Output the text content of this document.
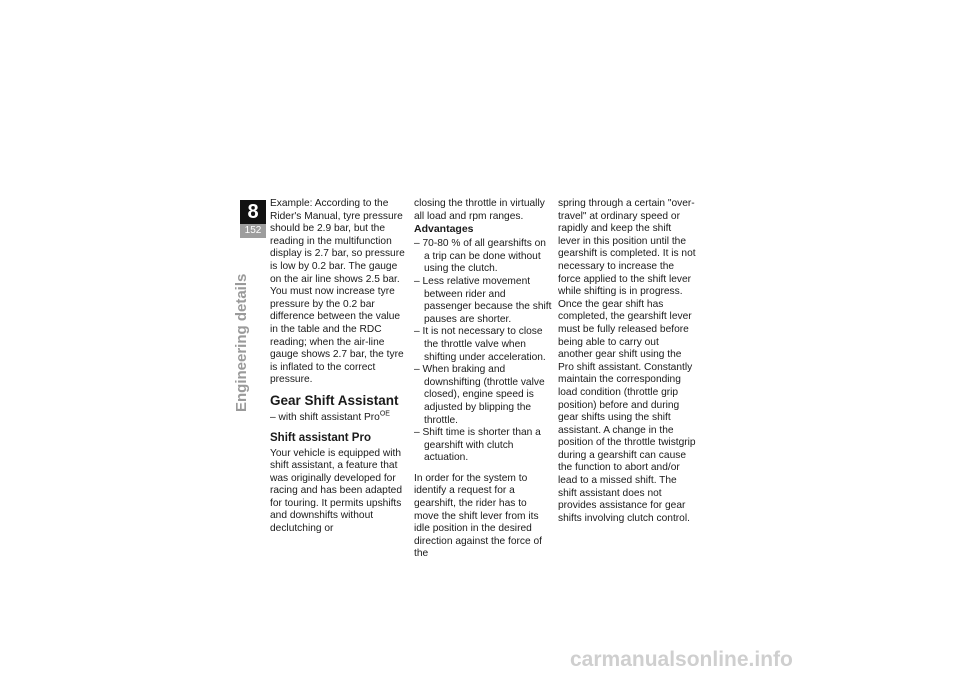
8
152
Engineering details

Example: According to the Rider's Manual, tyre pressure should be 2.9 bar, but the reading in the multifunction display is 2.7 bar, so pressure is low by 0.2 bar. The gauge on the air line shows 2.5 bar. You must now increase tyre pressure by the 0.2 bar difference between the value in the table and the RDC reading; when the air-line gauge shows 2.7 bar, the tyre is inflated to the correct pressure.

Gear Shift Assistant

– with shift assistant Pro$^{OE}$

Shift assistant Pro

Your vehicle is equipped with shift assistant, a feature that was originally developed for racing and has been adapted for touring. It permits upshifts and downshifts without declutching or

closing the throttle in virtually all load and rpm ranges.

Advantages
– 70-80 % of all gearshifts on a trip can be done without using the clutch.
– Less relative movement between rider and passenger because the shift pauses are shorter.
– It is not necessary to close the throttle valve when shifting under acceleration.
– When braking and downshifting (throttle valve closed), engine speed is adjusted by blipping the throttle.
– Shift time is shorter than a gearshift with clutch actuation.

In order for the system to identify a request for a gearshift, the rider has to move the shift lever from its idle position in the desired direction against the force of the

spring through a certain "over-travel" at ordinary speed or rapidly and keep the shift lever in this position until the gearshift is completed. It is not necessary to increase the force applied to the shift lever while shifting is in progress. Once the gear shift has completed, the gearshift lever must be fully released before being able to carry out another gear shift using the Pro shift assistant. Constantly maintain the corresponding load condition (throttle grip position) before and during gear shifts using the shift assistant. A change in the position of the throttle twistgrip during a gearshift can cause the function to abort and/or lead to a missed shift. The shift assistant does not provides assistance for gear shifts involving clutch control.

carmanualsonline.info
